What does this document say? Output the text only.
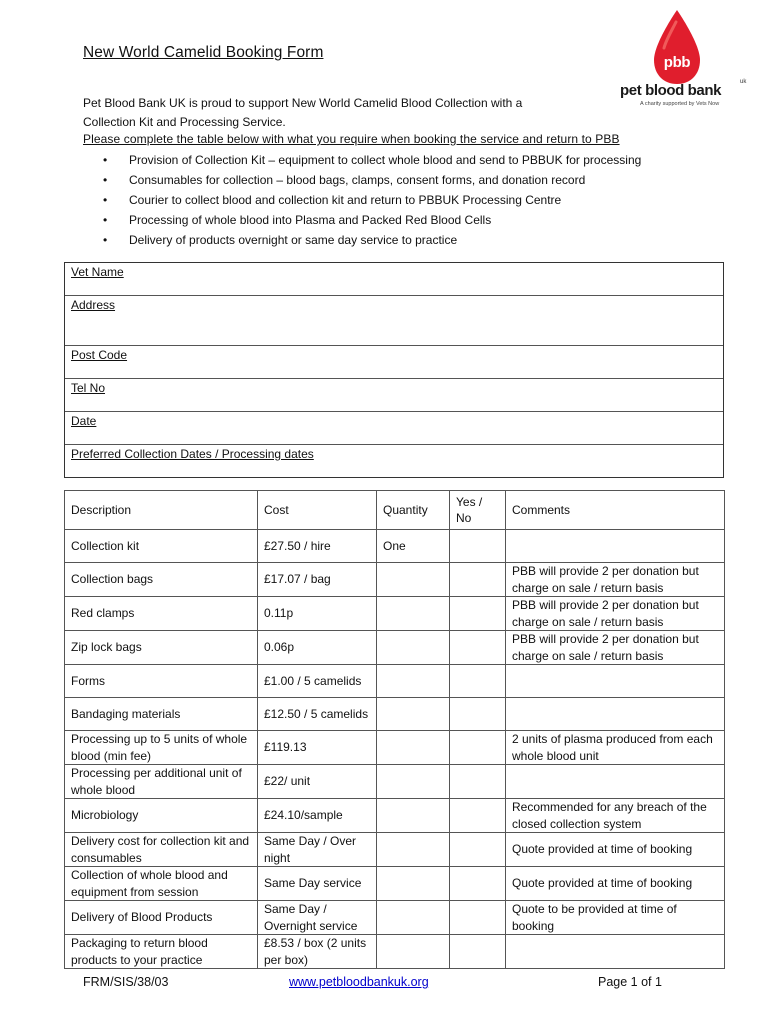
New World Camelid Booking Form
pbb
pet blood bank	uk
A charity supported by Vets Now
Pet Blood Bank UK is proud to support New World Camelid Blood Collection with a
Collection Kit and Processing Service.
Please complete the table below with what you require when booking the service and return to PBB
• Provision of Collection Kit – equipment to collect whole blood and send to PBBUK for processing
• Consumables for collection – blood bags, clamps, consent forms, and donation record
• Courier to collect blood and collection kit and return to PBBUK Processing Centre
• Processing of whole blood into Plasma and Packed Red Blood Cells
• Delivery of products overnight or same day service to practice
Vet Name
Address
Post Code
Tel No
Date
Preferred Collection Dates / Processing dates
Description	Cost	Quantity	Yes / No	Comments
Collection kit	£27.50 / hire	One		
Collection bags	£17.07 / bag			PBB will provide 2 per donation but charge on sale / return basis
Red clamps	0.11p			PBB will provide 2 per donation but charge on sale / return basis
Zip lock bags	0.06p			PBB will provide 2 per donation but charge on sale / return basis
Forms	£1.00 / 5 camelids			
Bandaging materials	£12.50 / 5 camelids			
Processing up to 5 units of whole blood (min fee)	£119.13			2 units of plasma produced from each whole blood unit
Processing per additional unit of whole blood	£22/ unit			
Microbiology	£24.10/sample			Recommended for any breach of the closed collection system
Delivery cost for collection kit and consumables	Same Day / Over night			Quote provided at time of booking
Collection of whole blood and equipment from session	Same Day service			Quote provided at time of booking
Delivery of Blood Products	Same Day / Overnight service			Quote to be provided at time of booking
Packaging to return blood products to your practice	£8.53 / box (2 units per box)			
FRM/SIS/38/03	www.petbloodbankuk.org	Page 1 of 1
